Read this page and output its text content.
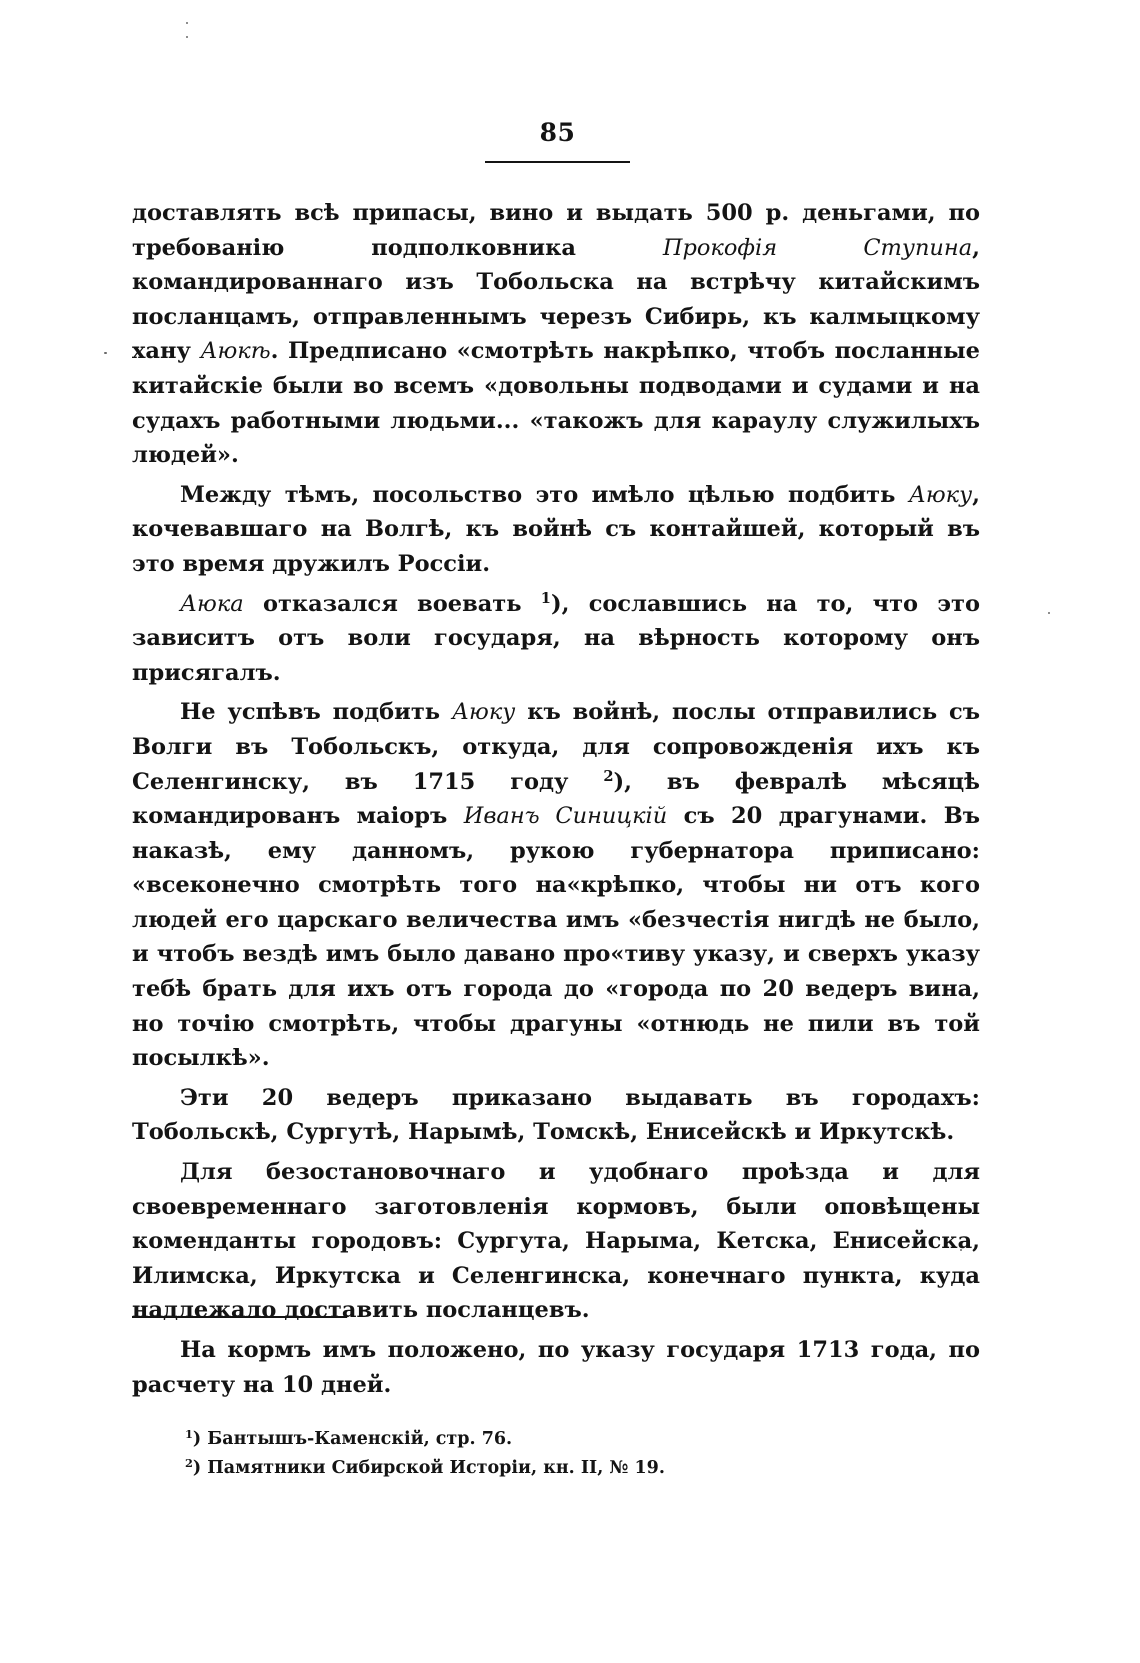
85

доставлять всѣ припасы, вино и выдать 500 р. деньгами, по требованію подполковника Прокофія Ступина, командированнаго изъ Тобольска на встрѣчу китайскимъ посланцамъ, отправленнымъ черезъ Сибирь, къ калмыцкому хану Аюкѣ. Предписано «смотрѣть накрѣпко, чтобъ посланные китайскіе были во всемъ «довольны подводами и судами и на судахъ работными людьми... «такожъ для караулу служилыхъ людей».

Между тѣмъ, посольство это имѣло цѣлью подбить Аюку, кочевавшаго на Волгѣ, къ войнѣ съ контайшей, который въ это время дружилъ Россіи.

Аюка отказался воевать $^1$), сославшись на то, что это зависитъ отъ воли государя, на вѣрность которому онъ присягалъ.

Не успѣвъ подбить Аюку къ войнѣ, послы отправились съ Волги въ Тобольскъ, откуда, для сопровожденія ихъ къ Селенгинску, въ 1715 году $^2$), въ февралѣ мѣсяцѣ командированъ маіоръ Иванъ Синицкій съ 20 драгунами. Въ наказѣ, ему данномъ, рукою губернатора приписано: «всеконечно смотрѣть того на«крѣпко, чтобы ни отъ кого людей его царскаго величества имъ «безчестія нигдѣ не было, и чтобъ вездѣ имъ было давано про«тиву указу, и сверхъ указу тебѣ брать для ихъ отъ города до «города по 20 ведеръ вина, но точію смотрѣть, чтобы драгуны «отнюдь не пили въ той посылкѣ».

Эти 20 ведеръ приказано выдавать въ городахъ: Тобольскѣ, Сургутѣ, Нарымѣ, Томскѣ, Енисейскѣ и Иркутскѣ.

Для безостановочнаго и удобнаго проѣзда и для своевременнаго заготовленія кормовъ, были оповѣщены коменданты городовъ: Сургута, Нарыма, Кетска, Енисейска, Илимска, Иркутска и Селенгинска, конечнаго пункта, куда надлежало доставить посланцевъ.

На кормъ имъ положено, по указу государя 1713 года, по расчету на 10 дней.

$^1$) Бантышъ-Каменскій, стр. 76.
$^2$) Памятники Сибирской Исторіи, кн. II, № 19.
